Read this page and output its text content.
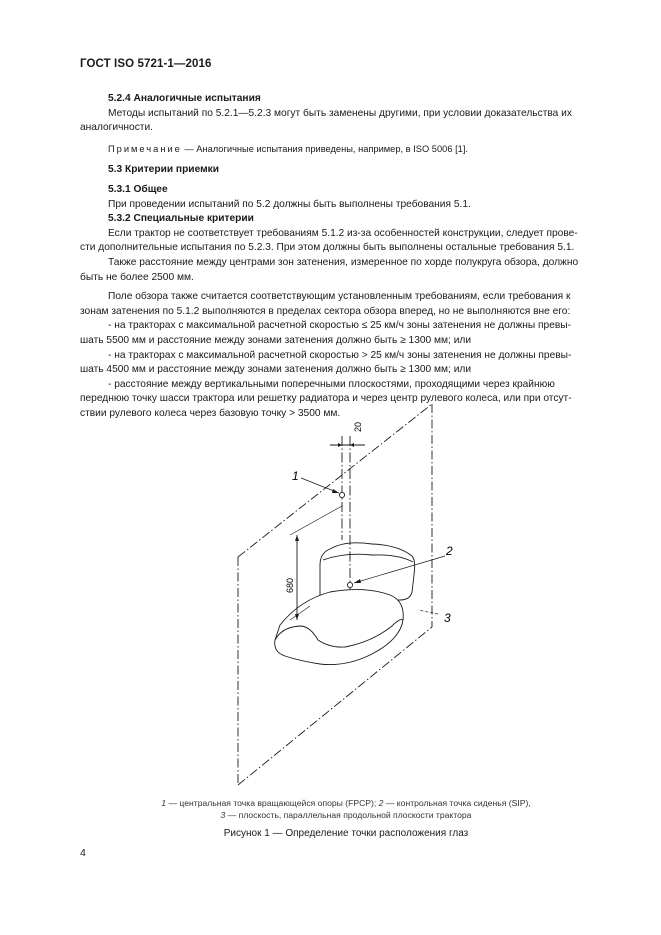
ГОСТ ISO 5721-1—2016

5.2.4 Аналогичные испытания

Методы испытаний по 5.2.1—5.2.3 могут быть заменены другими, при условии доказательства их

аналогичности.

Примечание — Аналогичные испытания приведены, например, в ISO 5006 [1].

5.3 Критерии приемки

5.3.1 Общее

При проведении испытаний по 5.2 должны быть выполнены требования 5.1.

5.3.2 Специальные критерии

Если трактор не соответствует требованиям 5.1.2 из-за особенностей конструкции, следует прове-

сти дополнительные испытания по 5.2.3. При этом должны быть выполнены остальные требования 5.1.

Также расстояние между центрами зон затенения, измеренное по хорде полукруга обзора, должно

быть не более 2500 мм.

Поле обзора также считается соответствующим установленным требованиям, если требования к

зонам затенения по 5.1.2 выполняются в пределах сектора обзора вперед, но не выполняются вне его:

- на тракторах с максимальной расчетной скоростью ≤ 25 км/ч зоны затенения не должны превы-

шать 5500 мм и расстояние между зонами затенения должно быть ≥ 1300 мм; или

- на тракторах с максимальной расчетной скоростью > 25 км/ч зоны затенения не должны превы-

шать 4500 мм и расстояние между зонами затенения должно быть ≥ 1300 мм; или

- расстояние между вертикальными поперечными плоскостями, проходящими через крайнюю

переднюю точку шасси трактора или решетку радиатора и через центр рулевого колеса, или при отсут-

ствии рулевого колеса через базовую точку > 3500 мм.

20
680
1
2
3
1 — центральная точка вращающейся опоры (FPCP); 2 — контрольная точка сиденья (SIP),
3 — плоскость, параллельная продольной плоскости трактора
Рисунок 1 — Определение точки расположения глаз
4
